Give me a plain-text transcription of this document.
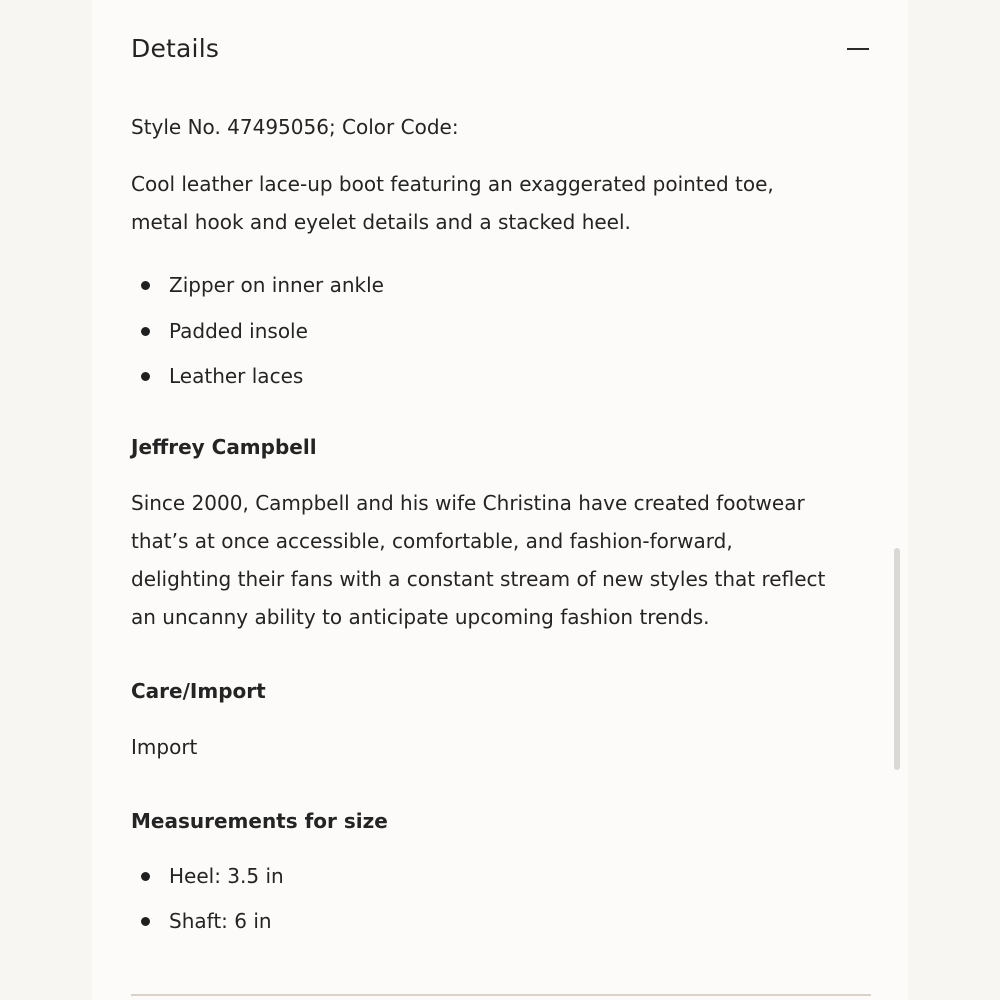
Details

Style No. 47495056; Color Code:

Cool leather lace-up boot featuring an exaggerated pointed toe,

metal hook and eyelet details and a stacked heel.

Zipper on inner ankle
Padded insole
Leather laces

Jeffrey Campbell

Since 2000, Campbell and his wife Christina have created footwear

that’s at once accessible, comfortable, and fashion-forward,

delighting their fans with a constant stream of new styles that reflect

an uncanny ability to anticipate upcoming fashion trends.

Care/Import

Import

Measurements for size

Heel: 3.5 in
Shaft: 6 in
